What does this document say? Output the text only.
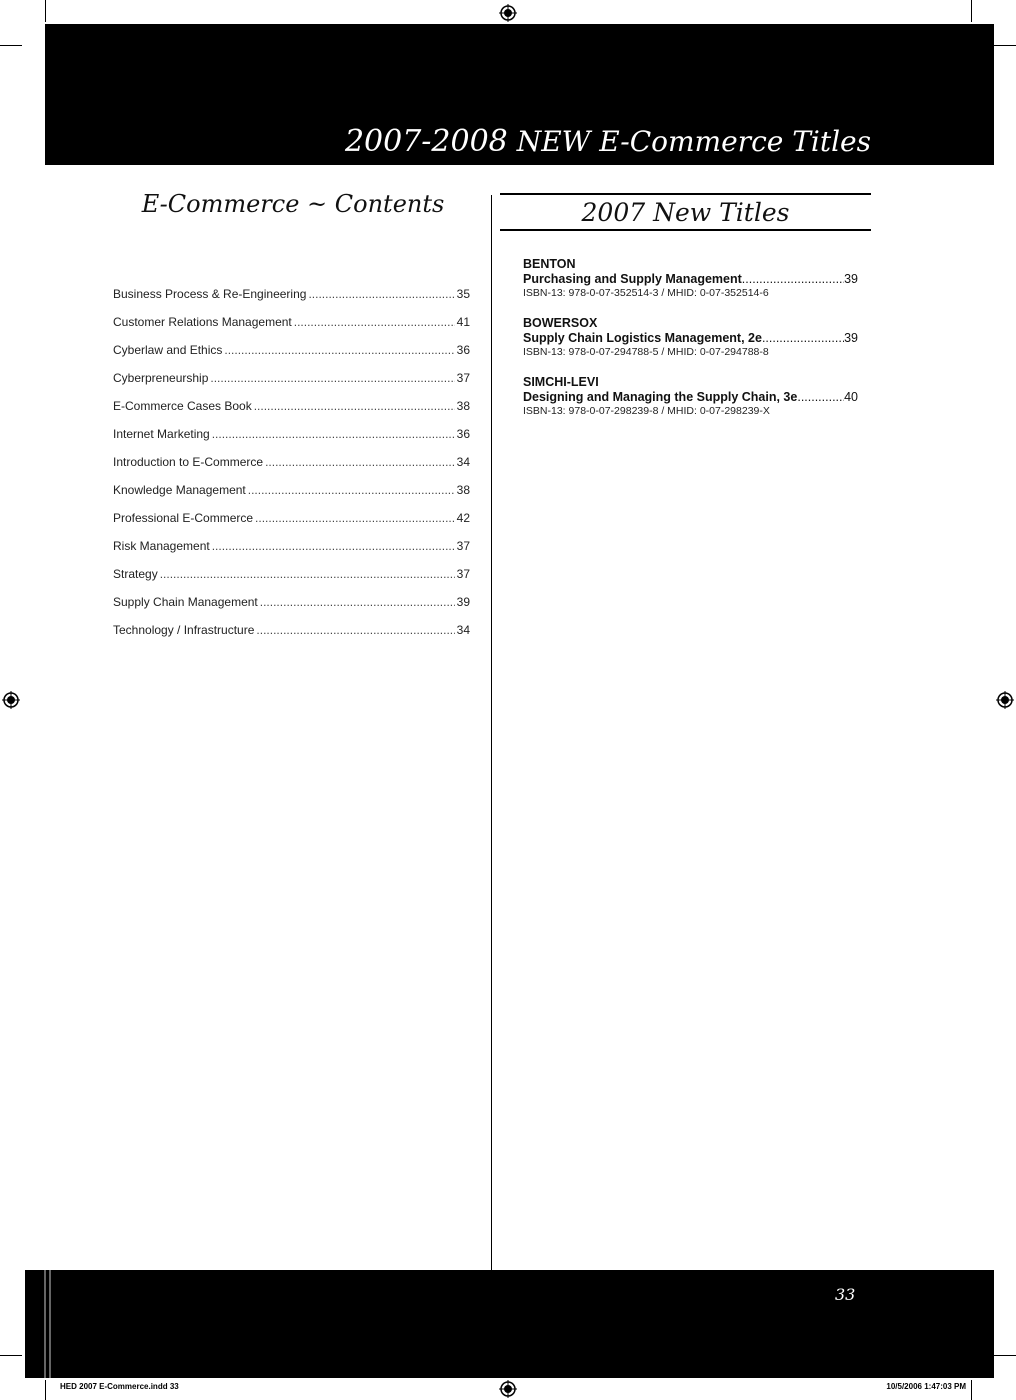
2007-2008 NEW E-Commerce Titles
E-Commerce ~ Contents
Business Process & Re-Engineering .....	35
Customer Relations Management .....	41
Cyberlaw and Ethics .....	36
Cyberpreneurship .....	37
E-Commerce Cases Book .....	38
Internet Marketing .....	36
Introduction to E-Commerce .....	34
Knowledge Management .....	38
Professional E-Commerce .....	42
Risk Management .....	37
Strategy .....	37
Supply Chain Management .....	39
Technology / Infrastructure .....	34
2007 New Titles
BENTON
Purchasing and Supply Management .....	39
ISBN-13: 978-0-07-352514-3 / MHID: 0-07-352514-6
BOWERSOX
Supply Chain Logistics Management, 2e .....	39
ISBN-13: 978-0-07-294788-5 / MHID: 0-07-294788-8
SIMCHI-LEVI
Designing and Managing the Supply Chain, 3e .....	40
ISBN-13: 978-0-07-298239-8 / MHID: 0-07-298239-X
33
HED 2007 E-Commerce.indd 33	10/5/2006 1:47:03 PM
